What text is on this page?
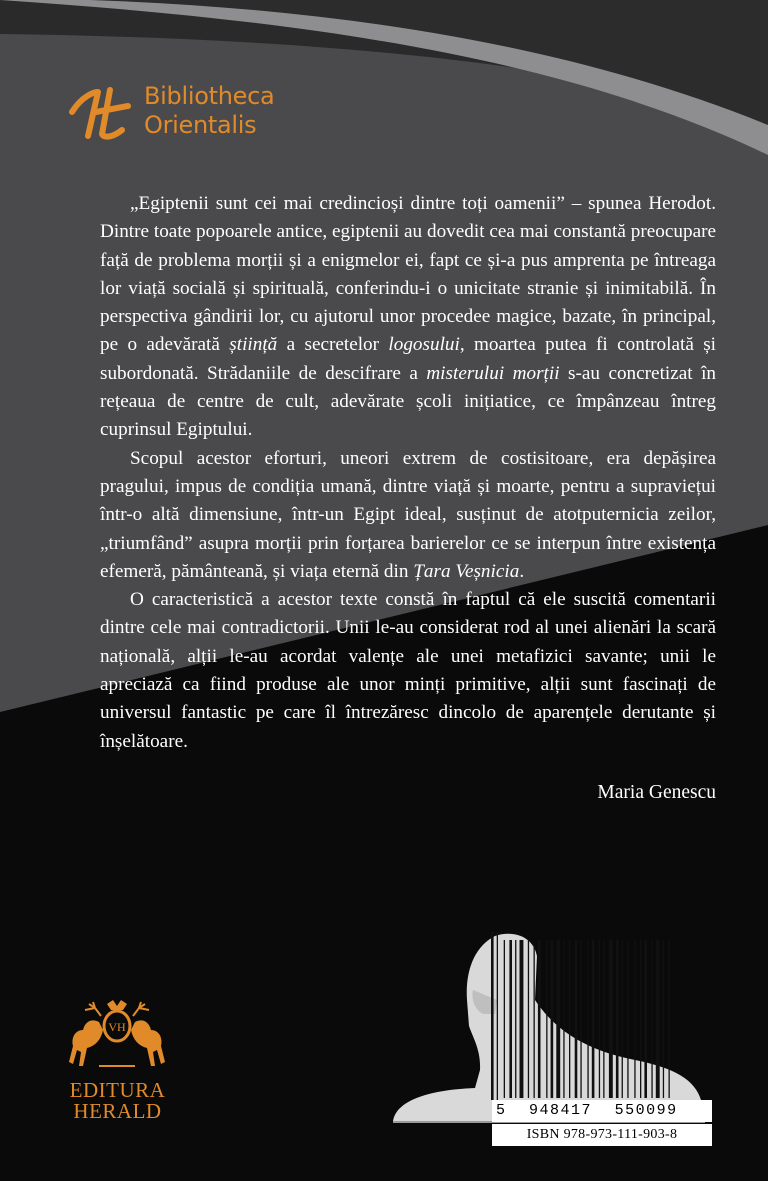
Bibliotheca
Orientalis

„Egiptenii sunt cei mai credincioși dintre toți oamenii” – spunea Herodot. Dintre toate popoarele antice, egiptenii au dovedit cea mai constantă preocupare față de problema morții și a enigmelor ei, fapt ce și-a pus amprenta pe întreaga lor viață socială și spirituală, conferindu-i o unicitate stranie și inimitabilă. În perspectiva gândirii lor, cu ajutorul unor procedee magice, bazate, în principal, pe o adevărată știință a secretelor logosului, moartea putea fi controlată și subordonată. Strădaniile de descifrare a misterului morții s-au concretizat în rețeaua de centre de cult, adevărate școli inițiatice, ce împânzeau întreg cuprinsul Egiptului.

Scopul acestor eforturi, uneori extrem de costisitoare, era depășirea pragului, impus de condiția umană, dintre viață și moarte, pentru a supraviețui într-o altă dimensiune, într-un Egipt ideal, susținut de atotputernicia zeilor, „triumfând” asupra morții prin forțarea barierelor ce se interpun între existența efemeră, pământeană, și viața eternă din Țara Veșnicia.

O caracteristică a acestor texte constă în faptul că ele suscită comentarii dintre cele mai contradictorii. Unii le-au considerat rod al unei alienări la scară națională, alții le-au acordat valențe ale unei metafizici savante; unii le apreciază ca fiind produse ale unor minți primitive, alții sunt fascinați de universul fantastic pe care îl întrezăresc dincolo de aparențele derutante și înșelătoare.

Maria Genescu
VH
EDITURA
HERALD	5 948417 550099
ISBN 978-973-111-903-8
